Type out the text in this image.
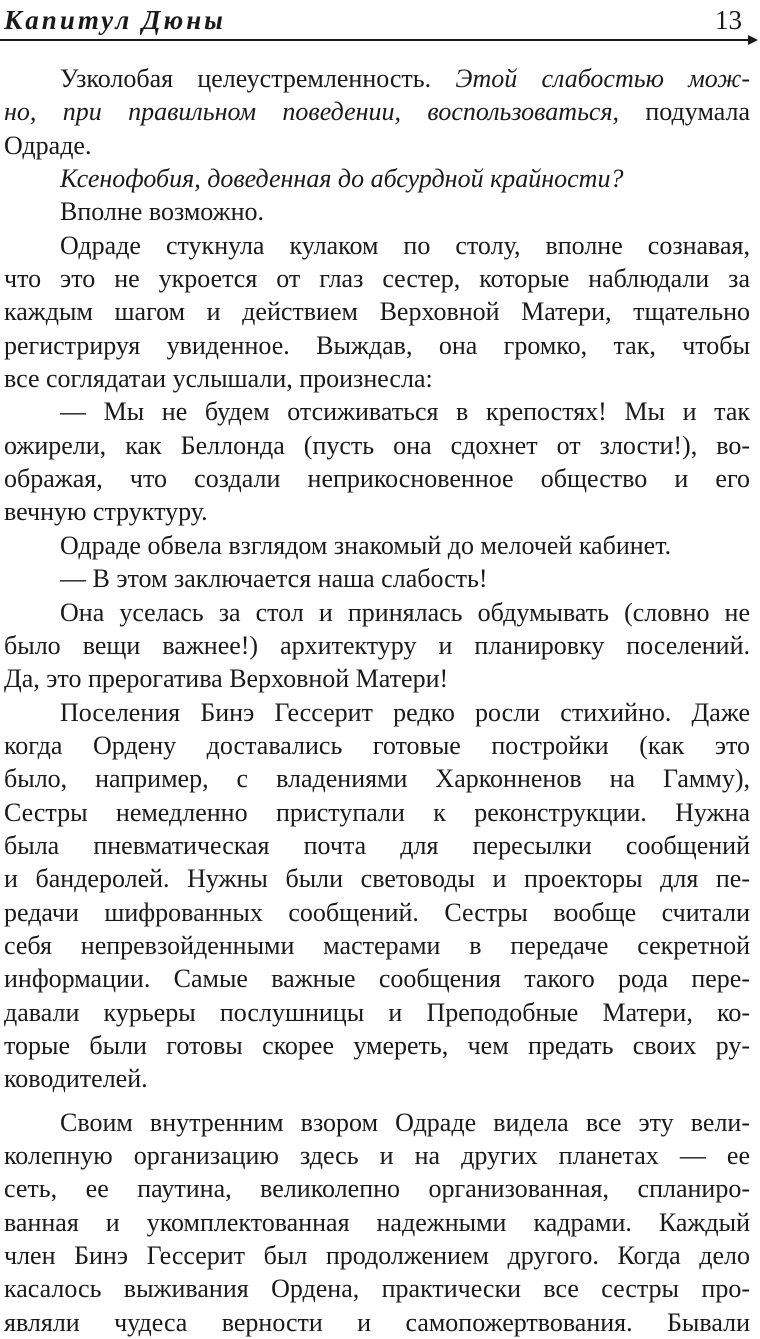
Капитул Дюны	13
Узколобая целеустремленность. Этой слабостью мож-
но, при правильном поведении, воспользоваться, подумала
Одраде.
Ксенофобия, доведенная до абсурдной крайности?
Вполне возможно.
Одраде стукнула кулаком по столу, вполне сознавая,
что это не укроется от глаз сестер, которые наблюдали за
каждым шагом и действием Верховной Матери, тщательно
регистрируя увиденное. Выждав, она громко, так, чтобы
все соглядатаи услышали, произнесла:
— Мы не будем отсиживаться в крепостях! Мы и так
ожирели, как Беллонда (пусть она сдохнет от злости!), во-
ображая, что создали неприкосновенное общество и его
вечную структуру.
Одраде обвела взглядом знакомый до мелочей кабинет.
— В этом заключается наша слабость!
Она уселась за стол и принялась обдумывать (словно не
было вещи важнее!) архитектуру и планировку поселений.
Да, это прерогатива Верховной Матери!
Поселения Бинэ Гессерит редко росли стихийно. Даже
когда Ордену доставались готовые постройки (как это
было, например, с владениями Харконненов на Гамму),
Сестры немедленно приступали к реконструкции. Нужна
была пневматическая почта для пересылки сообщений
и бандеролей. Нужны были световоды и проекторы для пе-
редачи шифрованных сообщений. Сестры вообще считали
себя непревзойденными мастерами в передаче секретной
информации. Самые важные сообщения такого рода пере-
давали курьеры послушницы и Преподобные Матери, ко-
торые были готовы скорее умереть, чем предать своих ру-
ководителей.
Своим внутренним взором Одраде видела все эту вели-
колепную организацию здесь и на других планетах — ее
сеть, ее паутина, великолепно организованная, спланиро-
ванная и укомплектованная надежными кадрами. Каждый
член Бинэ Гессерит был продолжением другого. Когда дело
касалось выживания Ордена, практически все сестры про-
являли чудеса верности и самопожертвования. Бывали
